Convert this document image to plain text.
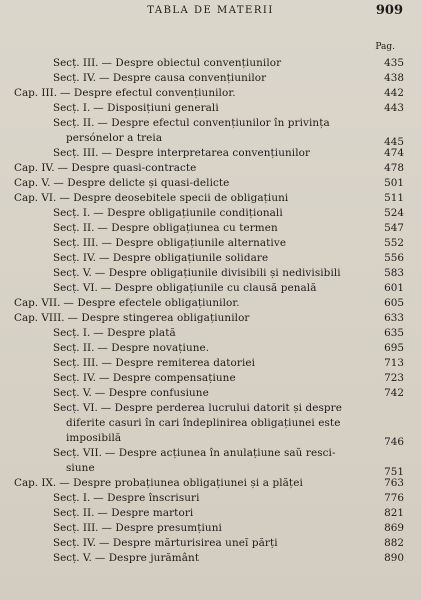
TABLA DE MATERII	909
Pag.
Secț. III. — Despre obiectul convențiunilor	435
Secț. IV. — Despre causa convențiunilor	438
Cap. III. — Despre efectul convențiunilor.	442
Secț. I. — Disposițiuni generali	443
Secț. II. — Despre efectul convențiunilor în privința
persónelor a treia	445
Secț. III. — Despre interpretarea convențiunilor	474
Cap. IV. — Despre quasi-contracte	478
Cap. V. — Despre delicte și quasi-delicte	501
Cap. VI. — Despre deosebitele specii de obligațiuni	511
Secț. I. — Despre obligațiunile condiționali	524
Secț. II. — Despre obligațiunea cu termen	547
Secț. III. — Despre obligațiunile alternative	552
Secț. IV. — Despre obligațiunile solidare	556
Secț. V. — Despre obligațiunile divisibili și nedivisibili	583
Secț. VI. — Despre obligațiunile cu clausă penală	601
Cap. VII. — Despre efectele obligațiunilor.	605
Cap. VIII. — Despre stingerea obligațiunilor	633
Secț. I. — Despre plată	635
Secț. II. — Despre novațiune.	695
Secț. III. — Despre remiterea datoriei	713
Secț. IV. — Despre compensațiune	723
Secț. V. — Despre confusiune	742
Secț. VI. — Despre perderea lucrului datorit și despre
diferite casuri în cari îndeplinirea obligațiunei este
imposibilă	746
Secț. VII. — Despre acțiunea în anulațiune saŭ resci-
siune	751
Cap. IX. — Despre probațiunea obligațiunei și a plăței	763
Secț. I. — Despre înscrisuri	776
Secț. II. — Despre martori	821
Secț. III. — Despre presumțiuni	869
Secț. IV. — Despre mărturisirea uneĭ părți	882
Secț. V. — Despre jurământ	890
